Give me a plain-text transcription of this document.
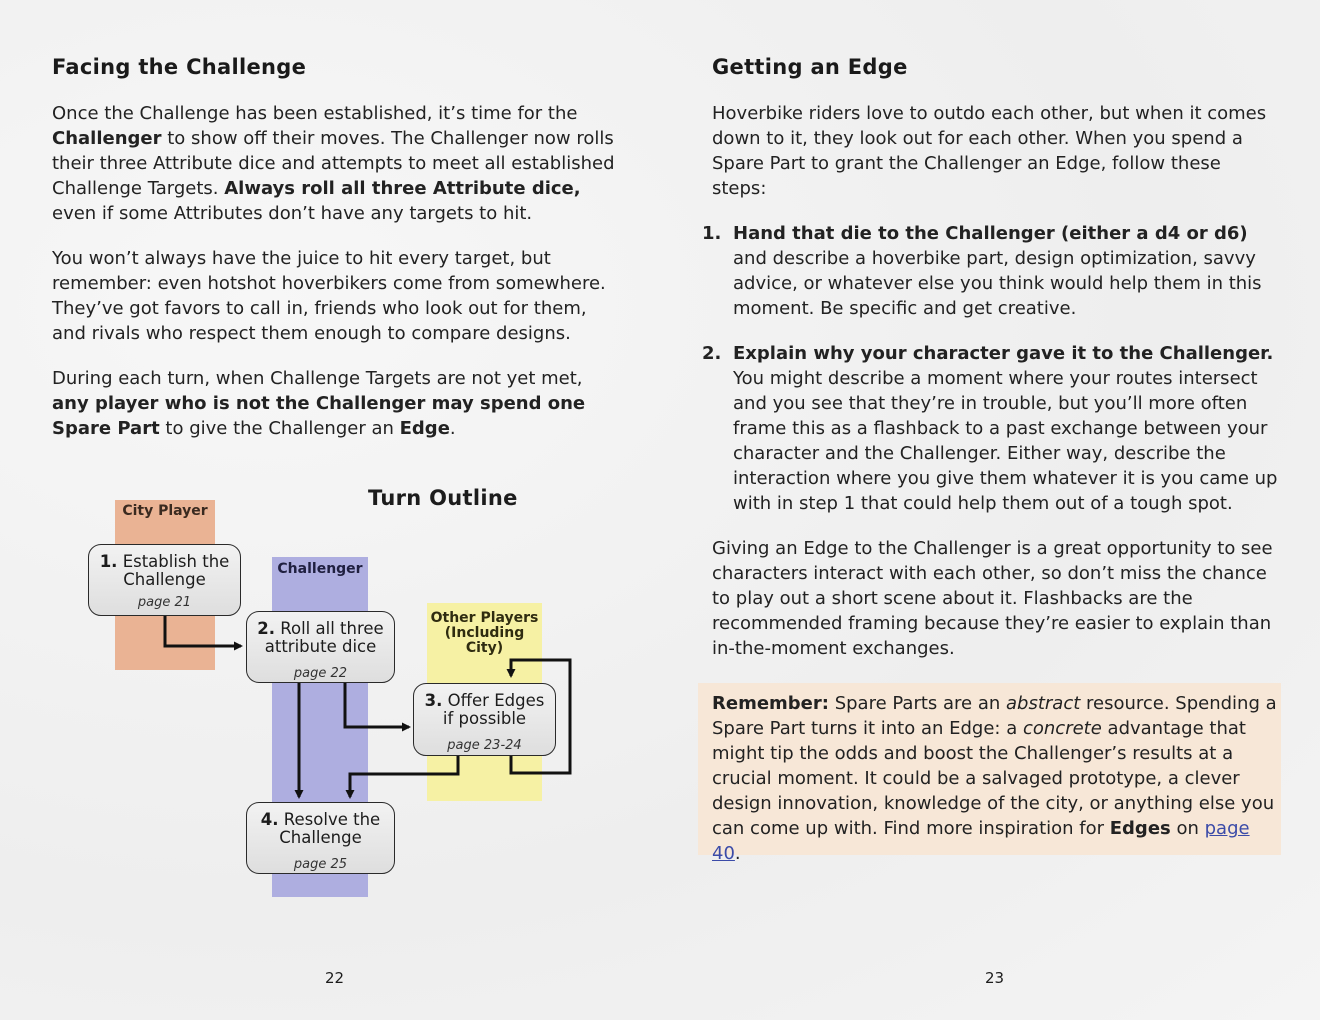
Facing the Challenge

Once the Challenge has been established, it’s time for the Challenger to show off their moves. The Challenger now rolls their three Attribute dice and attempts to meet all established Challenge Targets. Always roll all three Attribute dice, even if some Attributes don’t have any targets to hit.

You won’t always have the juice to hit every target, but remember: even hotshot hoverbikers come from somewhere. They’ve got favors to call in, friends who look out for them, and rivals who respect them enough to compare designs.

During each turn, when Challenge Targets are not yet met, any player who is not the Challenger may spend one Spare Part to give the Challenger an Edge.

City Player
Challenger
Other Players
(Including City)
Turn Outline
1. Establish the
Challenge
page 21
2. Roll all three
attribute dice
page 22
3. Offer Edges
if possible
page 23-24
4. Resolve the
Challenge
page 25
22
Getting an Edge

Hoverbike riders love to outdo each other, but when it comes down to it, they look out for each other. When you spend a Spare Part to grant the Challenger an Edge, follow these steps:

1. Hand that die to the Challenger (either a d4 or d6) and describe a hoverbike part, design optimization, savvy advice, or whatever else you think would help them in this moment. Be specific and get creative.
2. Explain why your character gave it to the Challenger. You might describe a moment where your routes intersect and you see that they’re in trouble, but you’ll more often frame this as a flashback to a past exchange between your character and the Challenger. Either way, describe the interaction where you give them whatever it is you came up with in step 1 that could help them out of a tough spot.

Giving an Edge to the Challenger is a great opportunity to see characters interact with each other, so don’t miss the chance to play out a short scene about it. Flashbacks are the recommended framing because they’re easier to explain than in-the-moment exchanges.

Remember: Spare Parts are an abstract resource. Spending a Spare Part turns it into an Edge: a concrete advantage that might tip the odds and boost the Challenger’s results at a crucial moment. It could be a salvaged prototype, a clever design innovation, knowledge of the city, or anything else you can come up with. Find more inspiration for Edges on page 40.

23
